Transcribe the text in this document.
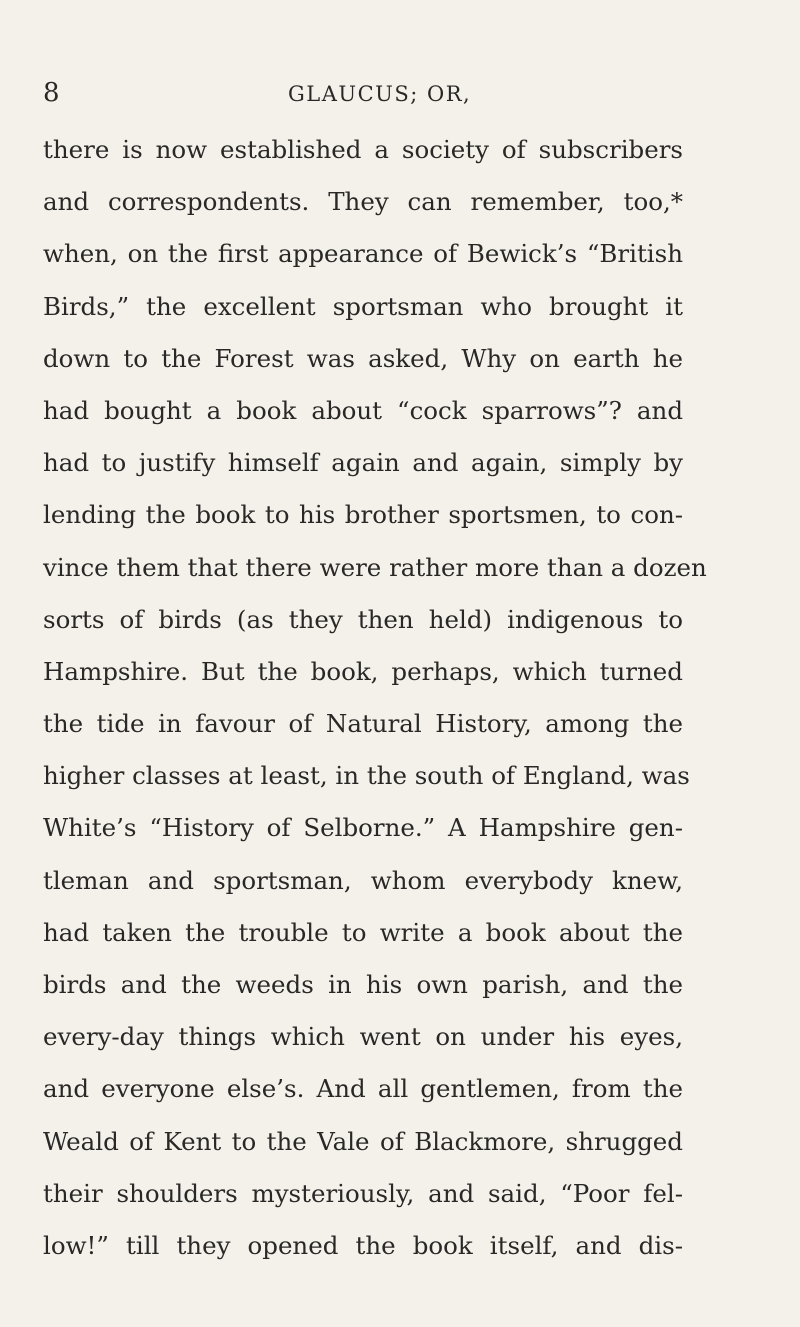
8	GLAUCUS; OR,
there is now established a society of subscribers
and correspondents. They can remember, too,*
when, on the first appearance of Bewick’s “British
Birds,” the excellent sportsman who brought it
down to the Forest was asked, Why on earth he
had bought a book about “cock sparrows”? and
had to justify himself again and again, simply by
lending the book to his brother sportsmen, to con-
vince them that there were rather more than a dozen
sorts of birds (as they then held) indigenous to
Hampshire. But the book, perhaps, which turned
the tide in favour of Natural History, among the
higher classes at least, in the south of England, was
White’s “History of Selborne.” A Hampshire gen-
tleman and sportsman, whom everybody knew,
had taken the trouble to write a book about the
birds and the weeds in his own parish, and the
every-day things which went on under his eyes,
and everyone else’s. And all gentlemen, from the
Weald of Kent to the Vale of Blackmore, shrugged
their shoulders mysteriously, and said, “Poor fel-
low!” till they opened the book itself, and dis-
